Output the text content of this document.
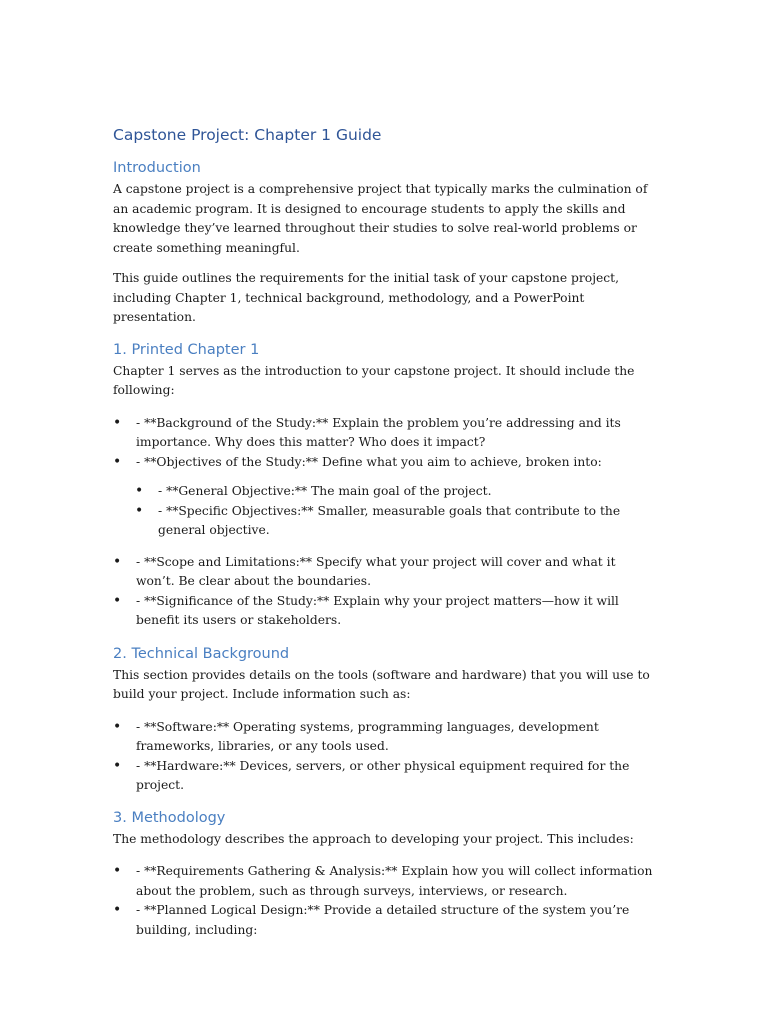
Capstone Project: Chapter 1 Guide
Introduction

A capstone project is a comprehensive project that typically marks the culmination of an academic program. It is designed to encourage students to apply the skills and knowledge they’ve learned throughout their studies to solve real-world problems or create something meaningful.

This guide outlines the requirements for the initial task of your capstone project, including Chapter 1, technical background, methodology, and a PowerPoint presentation.

1. Printed Chapter 1

Chapter 1 serves as the introduction to your capstone project. It should include the following:

• - **Background of the Study:** Explain the problem you’re addressing and its importance. Why does this matter? Who does it impact?
• - **Objectives of the Study:** Define what you aim to achieve, broken into:
• - **General Objective:** The main goal of the project.
• - **Specific Objectives:** Smaller, measurable goals that contribute to the general objective.
• - **Scope and Limitations:** Specify what your project will cover and what it won’t. Be clear about the boundaries.
• - **Significance of the Study:** Explain why your project matters—how it will benefit its users or stakeholders.
2. Technical Background

This section provides details on the tools (software and hardware) that you will use to build your project. Include information such as:

• - **Software:** Operating systems, programming languages, development frameworks, libraries, or any tools used.
• - **Hardware:** Devices, servers, or other physical equipment required for the project.
3. Methodology

The methodology describes the approach to developing your project. This includes:

• - **Requirements Gathering & Analysis:** Explain how you will collect information about the problem, such as through surveys, interviews, or research.
• - **Planned Logical Design:** Provide a detailed structure of the system you’re building, including:
